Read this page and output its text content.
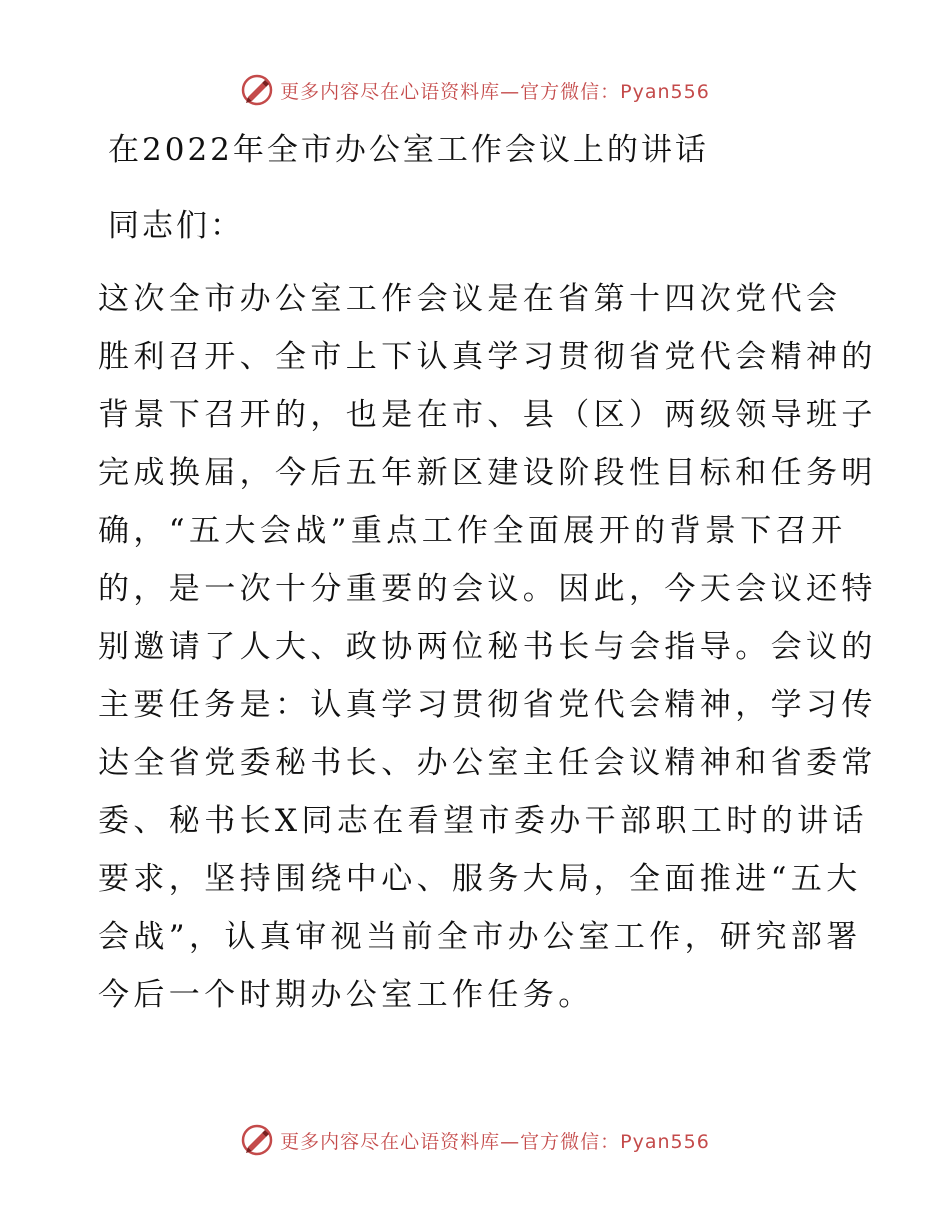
更多内容尽在心语资料库—官方微信：Pyan556
在2022年全市办公室工作会议上的讲话
同志们：
这次全市办公室工作会议是在省第十四次党代会
胜利召开、全市上下认真学习贯彻省党代会精神的
背景下召开的，也是在市、县（区）两级领导班子
完成换届，今后五年新区建设阶段性目标和任务明
确，“五大会战”重点工作全面展开的背景下召开
的，是一次十分重要的会议。因此，今天会议还特
别邀请了人大、政协两位秘书长与会指导。会议的
主要任务是：认真学习贯彻省党代会精神，学习传
达全省党委秘书长、办公室主任会议精神和省委常
委、秘书长X同志在看望市委办干部职工时的讲话
要求，坚持围绕中心、服务大局，全面推进“五大
会战”，认真审视当前全市办公室工作，研究部署
今后一个时期办公室工作任务。
更多内容尽在心语资料库—官方微信：Pyan556
